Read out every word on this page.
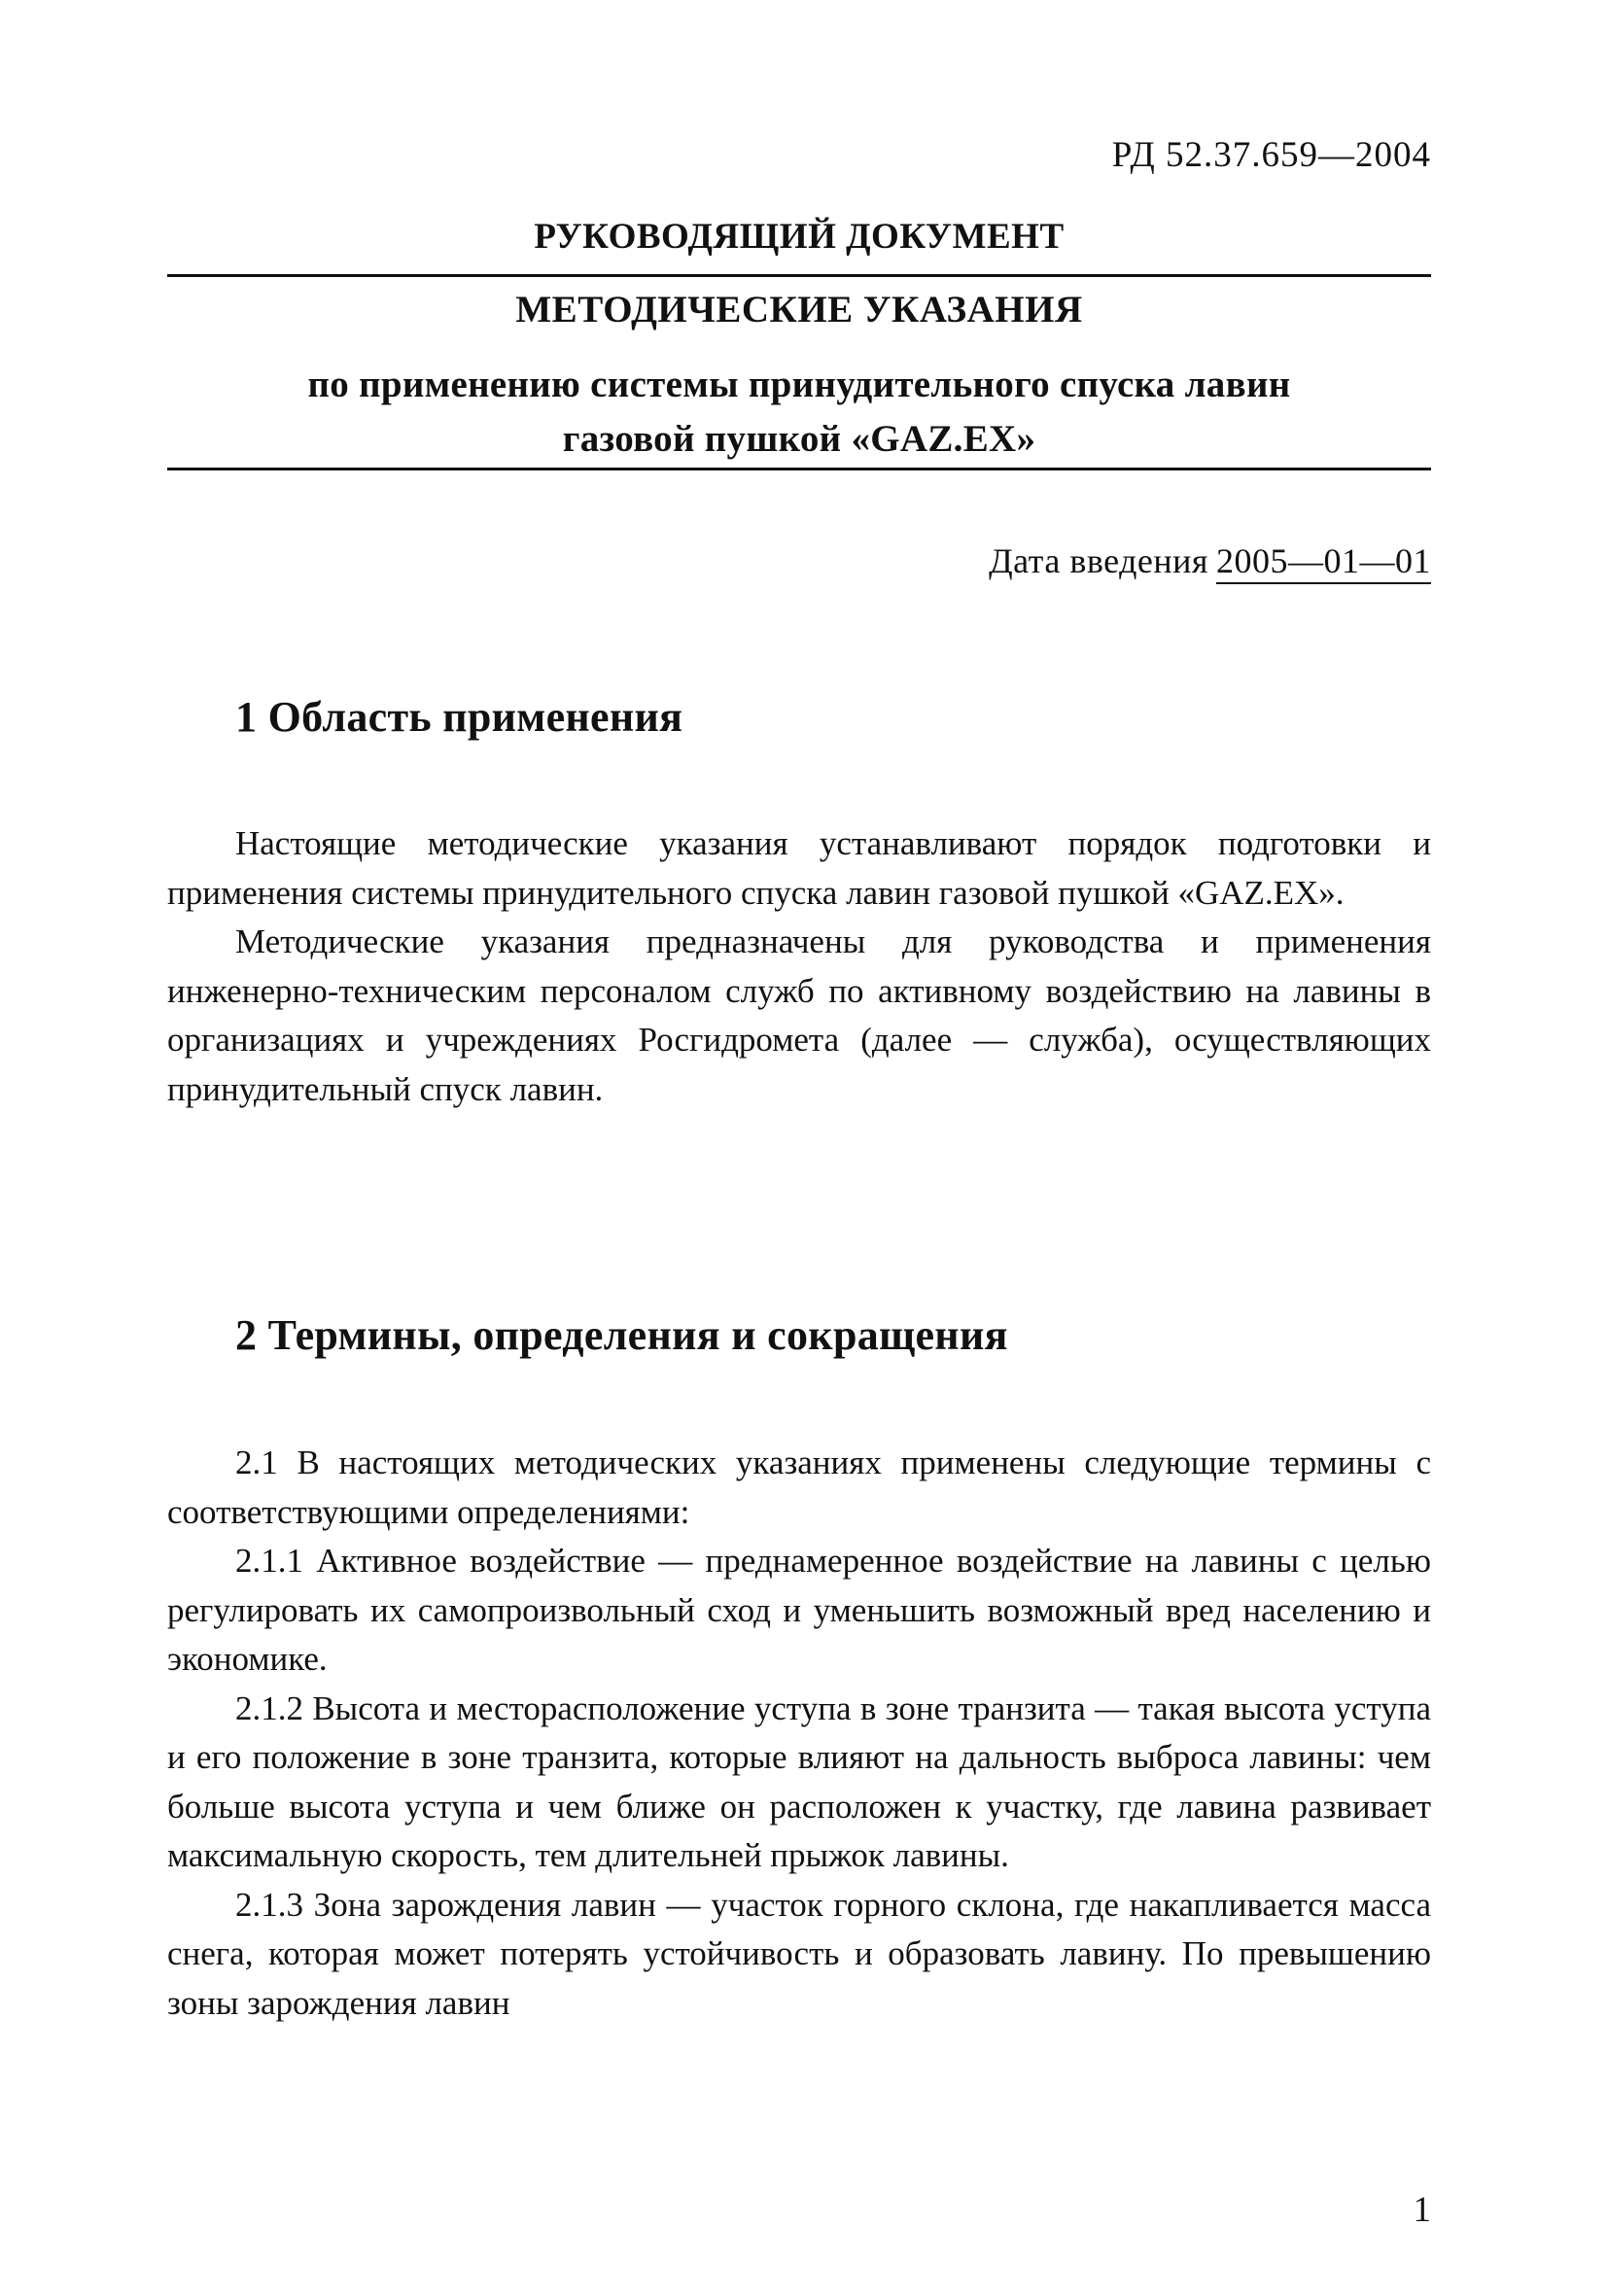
РД 52.37.659—2004
РУКОВОДЯЩИЙ ДОКУМЕНТ
МЕТОДИЧЕСКИЕ УКАЗАНИЯ
по применению системы принудительного спуска лавин
газовой пушкой «GAZ.EX»
Дата введения 2005—01—01
1 Область применения

Настоящие методические указания устанавливают порядок подготовки и применения системы принудительного спуска лавин газовой пушкой «GAZ.EX».

Методические указания предназначены для руководства и применения инженерно-техническим персоналом служб по активному воздействию на лавины в организациях и учреждениях Росгидромета (далее — служба), осуществляющих принудительный спуск лавин.

2 Термины, определения и сокращения

2.1 В настоящих методических указаниях применены следующие термины с соответствующими определениями:

2.1.1 Активное воздействие — преднамеренное воздействие на лавины с целью регулировать их самопроизвольный сход и уменьшить возможный вред населению и экономике.

2.1.2 Высота и месторасположение уступа в зоне транзита — такая высота уступа и его положение в зоне транзита, которые влияют на дальность выброса лавины: чем больше высота уступа и чем ближе он расположен к участку, где лавина развивает максимальную скорость, тем длительней прыжок лавины.

2.1.3 Зона зарождения лавин — участок горного склона, где накапливается масса снега, которая может потерять устойчивость и образовать лавину. По превышению зоны зарождения лавин

1
